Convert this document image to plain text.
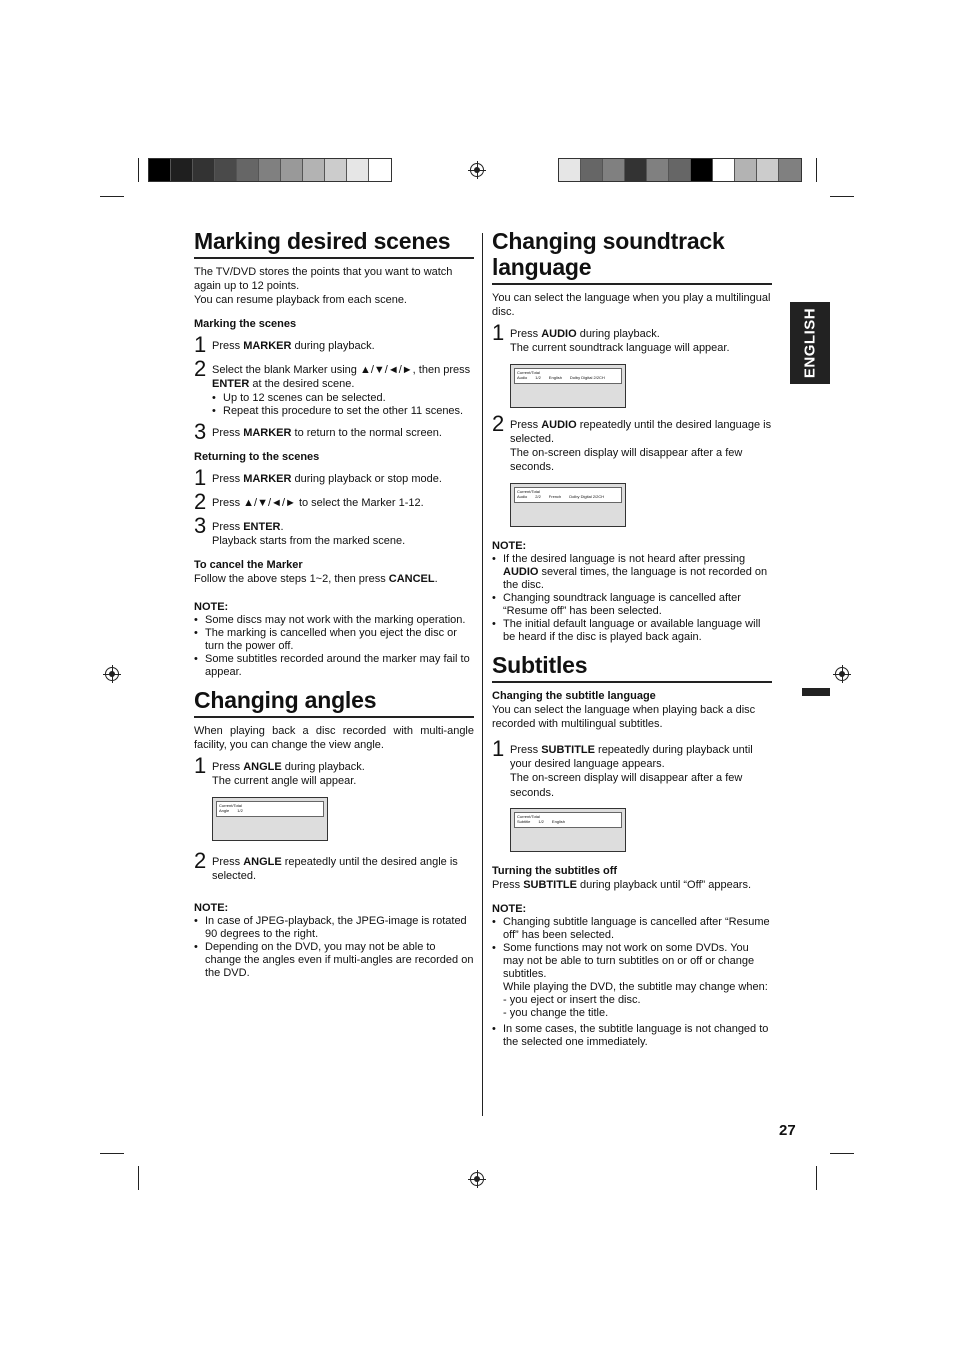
ENGLISH
Marking desired scenes

The TV/DVD stores the points that you want to watch again up to 12 points.

You can resume playback from each scene.

Marking the scenes

1 Press MARKER during playback.
2 Select the blank Marker using ▲/▼/◄/►, then press ENTER at the desired scene.
• Up to 12 scenes can be selected.
• Repeat this procedure to set the other 11 scenes.
3 Press MARKER to return to the normal screen.

Returning to the scenes

1 Press MARKER during playback or stop mode.
2 Press ▲/▼/◄/► to select the Marker 1-12.
3 Press ENTER.
Playback starts from the marked scene.

To cancel the Marker

Follow the above steps 1~2, then press CANCEL.

NOTE:

• Some discs may not work with the marking operation.
• The marking is cancelled when you eject the disc or turn the power off.
• Some subtitles recorded around the marker may fail to appear.
Changing angles

When playing back a disc recorded with multi-angle facility, you can change the view angle.

1 Press ANGLE during playback.
The current angle will appear.
Current/Total
Angle 1/2
2 Press ANGLE repeatedly until the desired angle is selected.

NOTE:

• In case of JPEG-playback, the JPEG-image is rotated 90 degrees to the right.
• Depending on the DVD, you may not be able to change the angles even if multi-angles are recorded on the DVD.
Changing soundtrack language

You can select the language when you play a multilingual disc.

1 Press AUDIO during playback.
The current soundtrack language will appear.
Current/Total
Audio 1/2 English Dolby Digital 2/2CH
2 Press AUDIO repeatedly until the desired language is selected.
The on-screen display will disappear after a few seconds.
Current/Total
Audio 2/2 French Dolby Digital 2/2CH

NOTE:

• If the desired language is not heard after pressing AUDIO several times, the language is not recorded on the disc.
• Changing soundtrack language is cancelled after “Resume off” has been selected.
• The initial default language or available language will be heard if the disc is played back again.
Subtitles

Changing the subtitle language

You can select the language when playing back a disc recorded with multilingual subtitles.

1 Press SUBTITLE repeatedly during playback until your desired language appears.
The on-screen display will disappear after a few seconds.
Current/Total
Subtitle 1/2 English

Turning the subtitles off

Press SUBTITLE during playback until “Off” appears.

NOTE:

• Changing subtitle language is cancelled after “Resume off” has been selected.
• Some functions may not work on some DVDs. You may not be able to turn subtitles on or off or change subtitles.
While playing the DVD, the subtitle may change when:
- you eject or insert the disc.
- you change the title.
• In some cases, the subtitle language is not changed to the selected one immediately.
27
